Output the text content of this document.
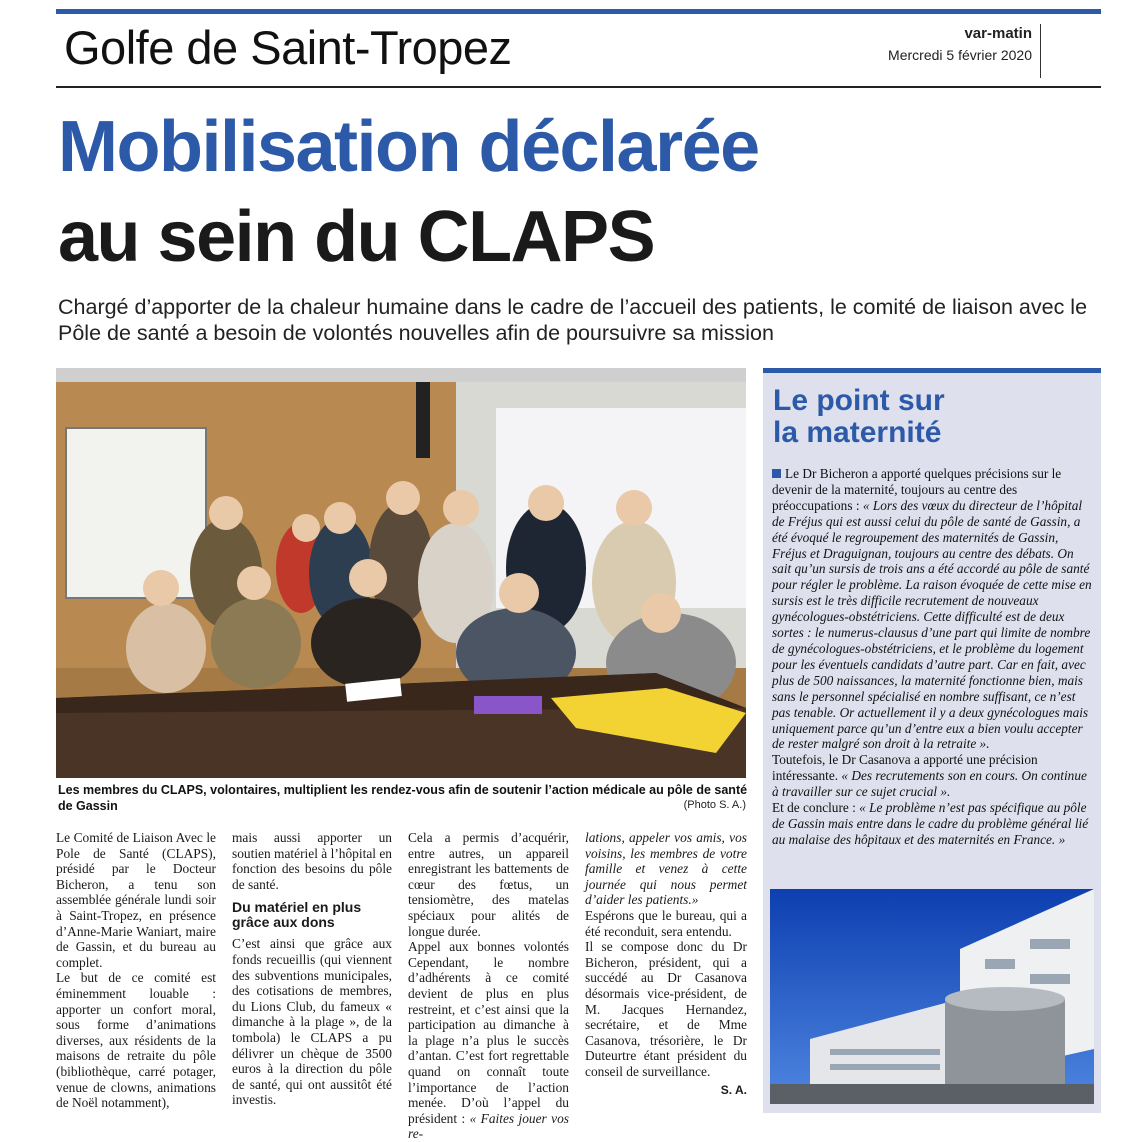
Golfe de Saint-Tropez	var-matin
Mercredi 5 février 2020
Mobilisation déclarée
au sein du CLAPS
Chargé d’apporter de la chaleur humaine dans le cadre de l’accueil des patients, le comité de liaison avec le Pôle de santé a besoin de volontés nouvelles afin de poursuivre sa mission
Les membres du CLAPS, volontaires, multiplient les rendez-vous afin de soutenir l’action médicale au pôle de santé de Gassin	(Photo S. A.)

Le Comité de Liaison Avec le Pole de Santé (CLAPS), présidé par le Docteur Bicheron, a tenu son assemblée générale lundi soir à Saint-Tropez, en présence d’Anne-Marie Waniart, maire de Gassin, et du bureau au complet.

Le but de ce comité est éminemment louable : apporter un confort moral, sous forme d’animations diverses, aux résidents de la maisons de retraite du pôle (bibliothèque, carré potager, venue de clowns, animations de Noël notamment),

mais aussi apporter un soutien matériel à l’hôpital en fonction des besoins du pôle de santé.

Du matériel en plus grâce aux dons

C’est ainsi que grâce aux fonds recueillis (qui viennent des subventions municipales, des cotisations de membres, du Lions Club, du fameux « dimanche à la plage », de la tombola) le CLAPS a pu délivrer un chèque de 3500 euros à la direction du pôle de santé, qui ont aussitôt été investis.

Cela a permis d’acquérir, entre autres, un appareil enregistrant les battements de cœur des fœtus, un tensiomètre, des matelas spéciaux pour alités de longue durée.

Appel aux bonnes volontés Cependant, le nombre d’adhérents à ce comité devient de plus en plus restreint, et c’est ainsi que la participation au dimanche à la plage n’a plus le succès d’antan. C’est fort regrettable quand on connaît toute l’importance de l’action menée. D’où l’appel du président : « Faites jouer vos re-

lations, appeler vos amis, vos voisins, les membres de votre famille et venez à cette journée qui nous permet d’aider les patients.»

Espérons que le bureau, qui a été reconduit, sera entendu.

Il se compose donc du Dr Bicheron, président, qui a succédé au Dr Casanova désormais vice-président, de M. Jacques Hernandez, secrétaire, et de Mme Casanova, trésorière, le Dr Duteurtre étant président du conseil de surveillance.

S. A.
Le point sur
la maternité

Le Dr Bicheron a apporté quelques précisions sur le devenir de la maternité, toujours au centre des préoccupations : « Lors des vœux du directeur de l’hôpital de Fréjus qui est aussi celui du pôle de santé de Gassin, a été évoqué le regroupement des maternités de Gassin, Fréjus et Draguignan, toujours au centre des débats. On sait qu’un sursis de trois ans a été accordé au pôle de santé pour régler le problème. La raison évoquée de cette mise en sursis est le très difficile recrutement de nouveaux gynécologues-obstétriciens. Cette difficulté est de deux sortes : le numerus-clausus d’une part qui limite de nombre de gynécologues-obstétriciens, et le problème du logement pour les éventuels candidats d’autre part. Car en fait, avec plus de 500 naissances, la maternité fonctionne bien, mais sans le personnel spécialisé en nombre suffisant, ce n’est pas tenable. Or actuellement il y a deux gynécologues mais uniquement parce qu’un d’entre eux a bien voulu accepter de rester malgré son droit à la retraite ».

Toutefois, le Dr Casanova a apporté une précision intéressante. « Des recrutements son en cours. On continue à travailler sur ce sujet crucial ».

Et de conclure : « Le problème n’est pas spécifique au pôle de Gassin mais entre dans le cadre du problème général lié au malaise des hôpitaux et des maternités en France. »
